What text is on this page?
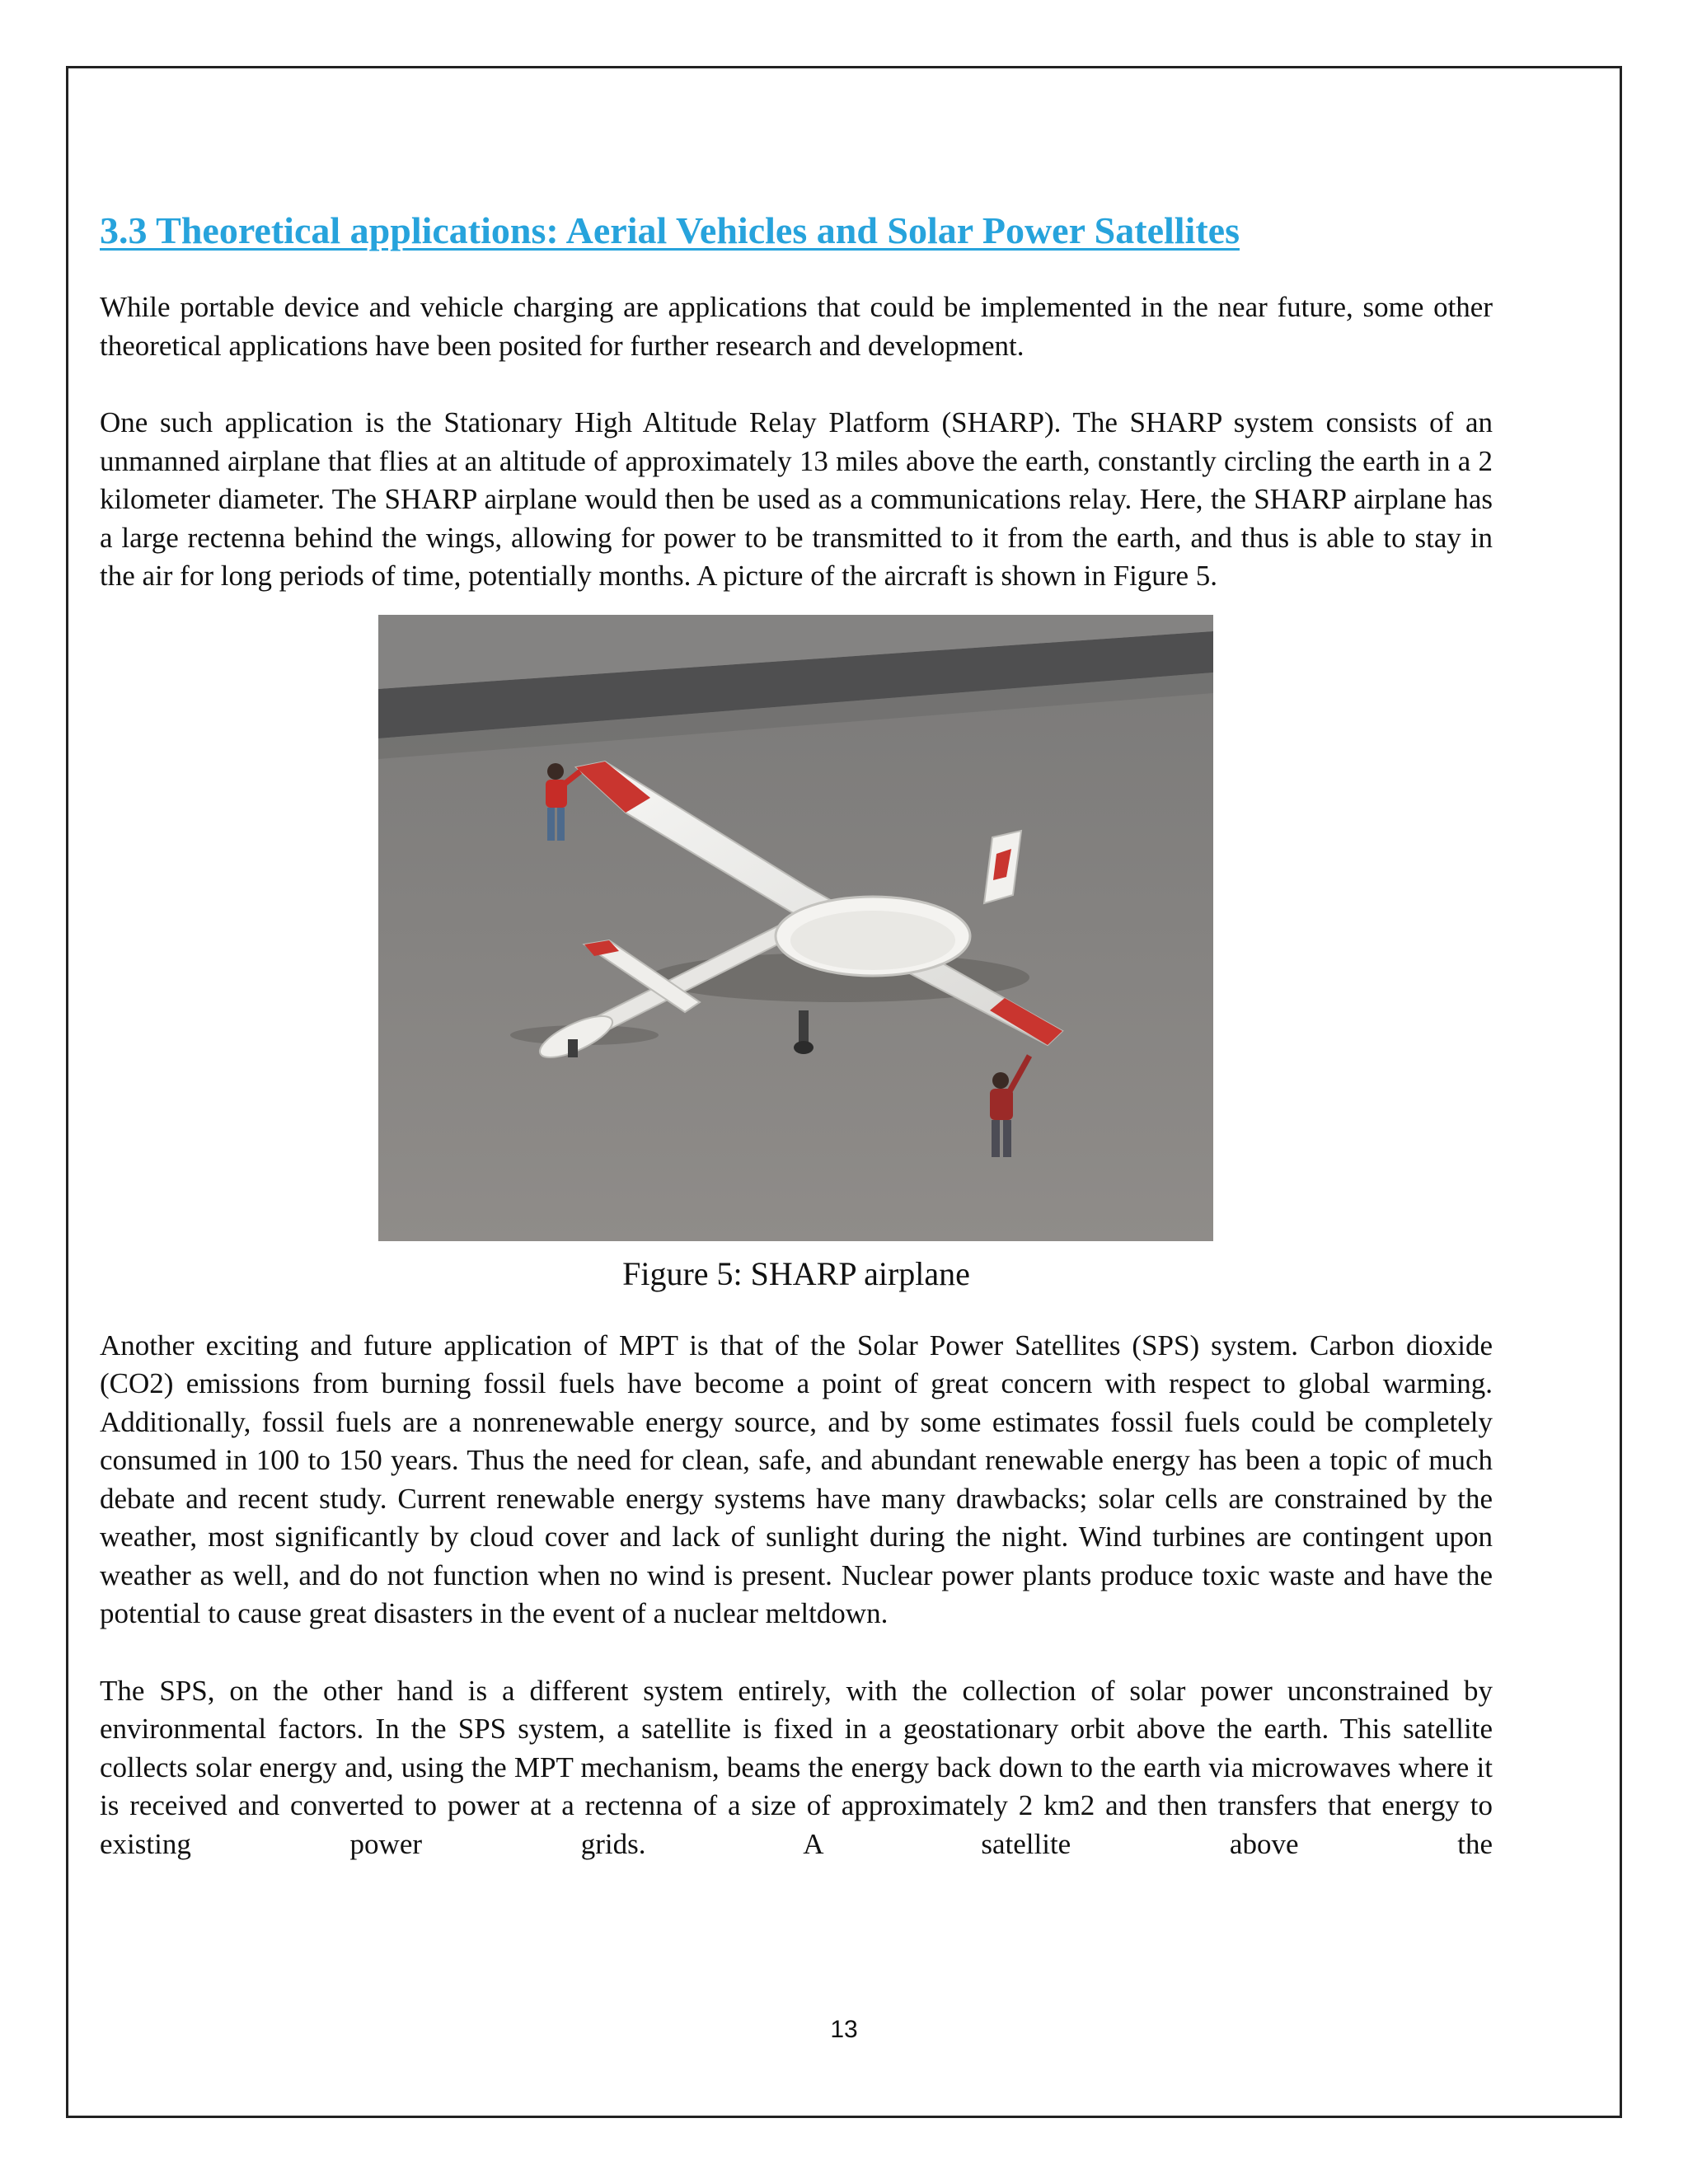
3.3 Theoretical applications: Aerial Vehicles and Solar Power Satellites

While portable device and vehicle charging are applications that could be implemented in the near future, some other theoretical applications have been posited for further research and development.

One such application is the Stationary High Altitude Relay Platform (SHARP). The SHARP system consists of an unmanned airplane that flies at an altitude of approximately 13 miles above the earth, constantly circling the earth in a 2 kilometer diameter. The SHARP airplane would then be used as a communications relay. Here, the SHARP airplane has a large rectenna behind the wings, allowing for power to be transmitted to it from the earth, and thus is able to stay in the air for long periods of time, potentially months. A picture of the aircraft is shown in Figure 5.

Figure 5: SHARP airplane

Another exciting and future application of MPT is that of the Solar Power Satellites (SPS) system. Carbon dioxide (CO2) emissions from burning fossil fuels have become a point of great concern with respect to global warming. Additionally, fossil fuels are a nonrenewable energy source, and by some estimates fossil fuels could be completely consumed in 100 to 150 years. Thus the need for clean, safe, and abundant renewable energy has been a topic of much debate and recent study. Current renewable energy systems have many drawbacks; solar cells are constrained by the weather, most significantly by cloud cover and lack of sunlight during the night. Wind turbines are contingent upon weather as well, and do not function when no wind is present. Nuclear power plants produce toxic waste and have the potential to cause great disasters in the event of a nuclear meltdown.

The SPS, on the other hand is a different system entirely, with the collection of solar power unconstrained by environmental factors. In the SPS system, a satellite is fixed in a geostationary orbit above the earth. This satellite collects solar energy and, using the MPT mechanism, beams the energy back down to the earth via microwaves where it is received and converted to power at a rectenna of a size of approximately 2 km2 and then transfers that energy to existing power grids. A satellite above the

13
